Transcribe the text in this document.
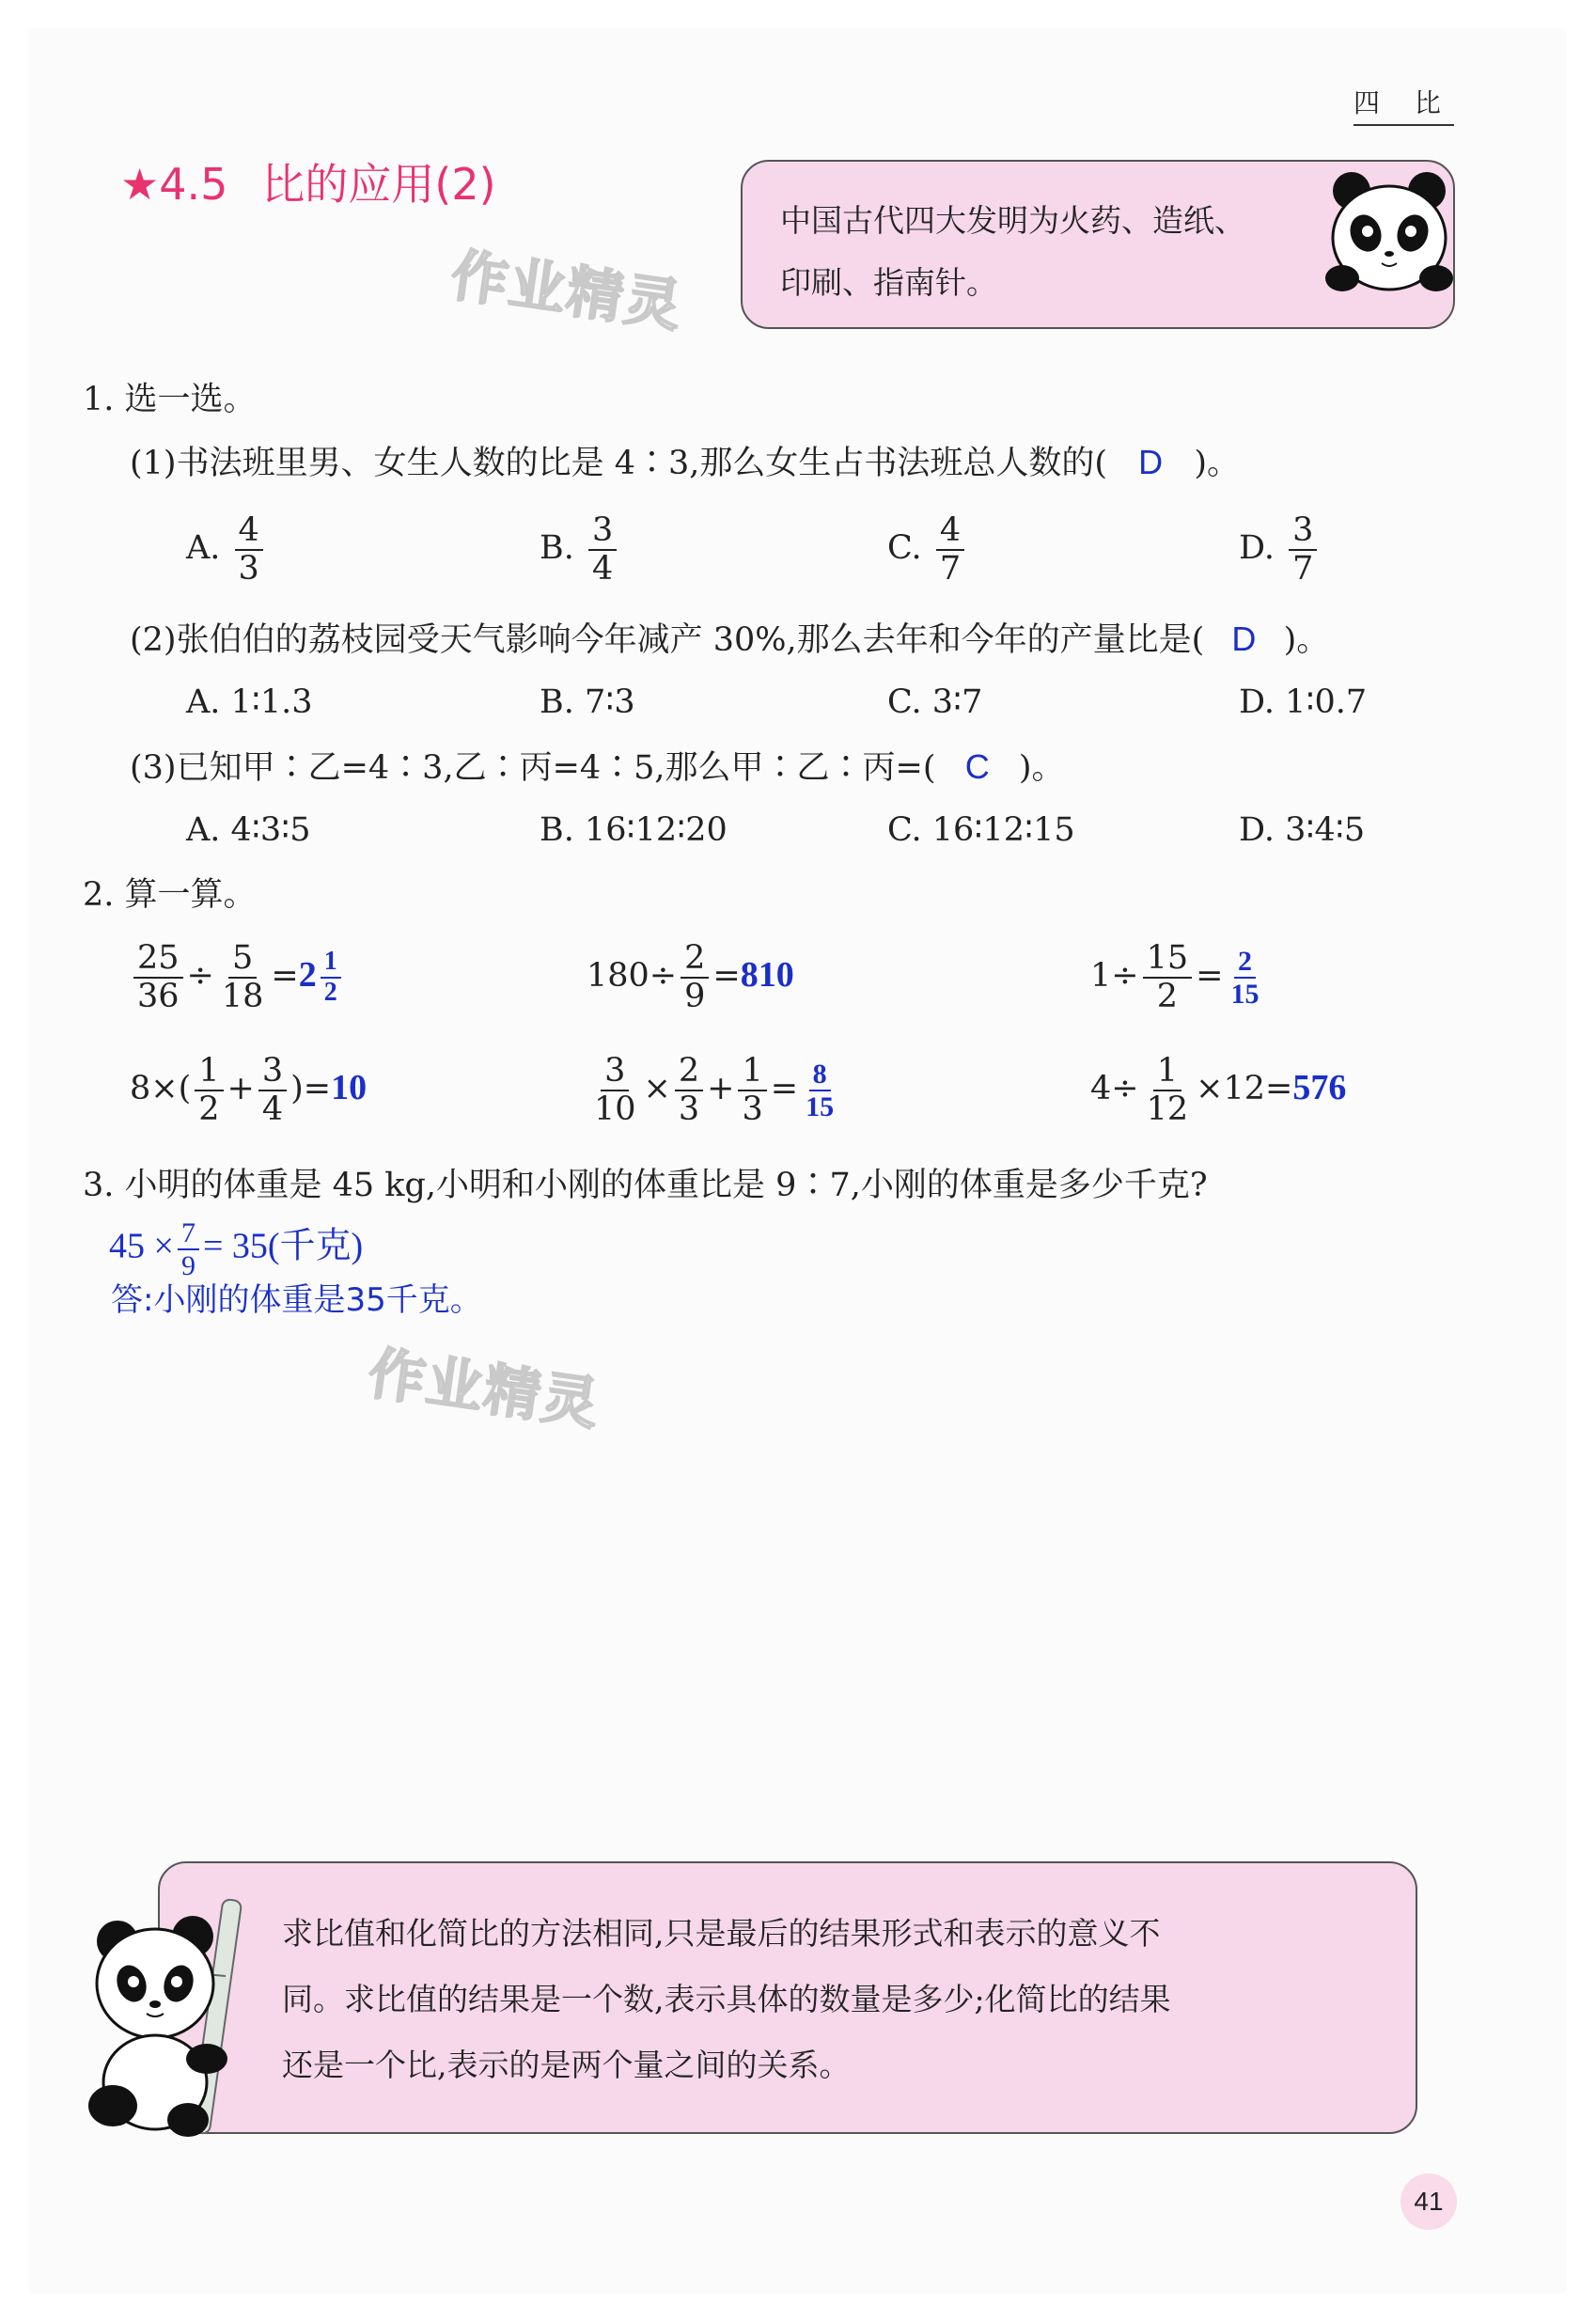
四 比
★4.5 比的应用(2)
作业精灵
中国古代四大发明为火药、造纸、
印刷、指南针。
1. 选一选。
(1)书法班里男、女生人数的比是 4∶3,那么女生占书法班总人数的( D )。
A. $\frac{4}{3}$	B. $\frac{3}{4}$	C. $\frac{4}{7}$	D. $\frac{3}{7}$
(2)张伯伯的荔枝园受天气影响今年减产 30%,那么去年和今年的产量比是( D )。
A. 1∶1.3	B. 7∶3	C. 3∶7	D. 1∶0.7
(3)已知甲∶乙=4∶3,乙∶丙=4∶5,那么甲∶乙∶丙=( C )。
A. 4∶3∶5	B. 16∶12∶20	C. 16∶12∶15	D. 3∶4∶5
2. 算一算。
$\frac{25}{36} \div \frac{5}{18} =2 \frac{1}{2}$	$180\div \frac{2}{9} =810$	$1\div \frac{15}{2} = \frac{2}{15}$
$8\times( \frac{1}{2} + \frac{3}{4} )=10$	$\frac{3}{10} \times \frac{2}{3} + \frac{1}{3} = \frac{8}{15}$	$4\div \frac{1}{12} \times 12=576$
3. 小明的体重是 45 kg,小明和小刚的体重比是 9∶7,小刚的体重是多少千克?
$45 \times \frac{7}{9} = 35$(千克)
答:小刚的体重是35千克。
作业精灵
求比值和化简比的方法相同,只是最后的结果形式和表示的意义不
同。求比值的结果是一个数,表示具体的数量是多少;化简比的结果
还是一个比,表示的是两个量之间的关系。
41
